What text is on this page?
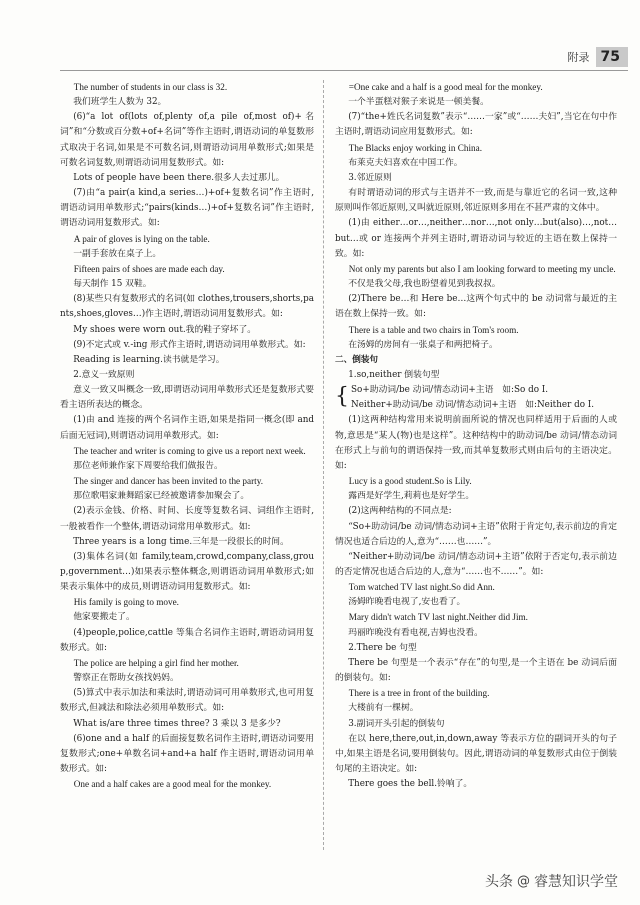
附录 75

The number of students in our class is 32.

我们班学生人数为 32。

(6)“a lot of(lots of,plenty of,a pile of,most of)+名词”和“分数或百分数+of+名词”等作主语时,谓语动词的单复数形式取决于名词,如果是不可数名词,则谓语动词用单数形式;如果是可数名词复数,则谓语动词用复数形式。如:

Lots of people have been there.很多人去过那儿。

(7)由“a pair(a kind,a series…)+of+复数名词”作主语时,谓语动词用单数形式;“pairs(kinds…)+of+复数名词”作主语时,谓语动词用复数形式。如:

A pair of gloves is lying on the table.

一副手套放在桌子上。

Fifteen pairs of shoes are made each day.

每天制作 15 双鞋。

(8)某些只有复数形式的名词(如 clothes,trousers,shorts,pants,shoes,gloves…)作主语时,谓语动词用复数形式。如:

My shoes were worn out.我的鞋子穿坏了。

(9)不定式或 v.-ing 形式作主语时,谓语动词用单数形式。如:

Reading is learning.读书就是学习。

2.意义一致原则

意义一致又叫概念一致,即谓语动词用单数形式还是复数形式要看主语所表达的概念。

(1)由 and 连接的两个名词作主语,如果是指同一概念(即 and 后面无冠词),则谓语动词用单数形式。如:

The teacher and writer is coming to give us a report next week.

那位老师兼作家下周要给我们做报告。

The singer and dancer has been invited to the party.

那位歌唱家兼舞蹈家已经被邀请参加聚会了。

(2)表示金钱、价格、时间、长度等复数名词、词组作主语时,一般被看作一个整体,谓语动词常用单数形式。如:

Three years is a long time.三年是一段很长的时间。

(3)集体名词(如 family,team,crowd,company,class,group,government…)如果表示整体概念,则谓语动词用单数形式;如果表示集体中的成员,则谓语动词用复数形式。如:

His family is going to move.

他家要搬走了。

(4)people,police,cattle 等集合名词作主语时,谓语动词用复数形式。如:

The police are helping a girl find her mother.

警察正在帮助女孩找妈妈。

(5)算式中表示加法和乘法时,谓语动词可用单数形式,也可用复数形式,但减法和除法必须用单数形式。如:

What is/are three times three? 3 乘以 3 是多少?

(6)one and a half 的后面接复数名词作主语时,谓语动词要用复数形式;one+单数名词+and+a half 作主语时,谓语动词用单数形式。如:

One and a half cakes are a good meal for the monkey.

=One cake and a half is a good meal for the monkey.

一个半蛋糕对猴子来说是一顿美餐。

(7)“the+姓氏名词复数”表示“……一家”或“……夫妇”,当它在句中作主语时,谓语动词应用复数形式。如:

The Blacks enjoy working in China.

布莱克夫妇喜欢在中国工作。

3.邻近原则

有时谓语动词的形式与主语并不一致,而是与靠近它的名词一致,这种原则叫作邻近原则,又叫就近原则,邻近原则多用在不甚严肃的文体中。

(1)由 either…or…,neither…nor…,not only…but(also)…,not…but…或 or 连接两个并列主语时,谓语动词与较近的主语在数上保持一致。如:

Not only my parents but also I am looking forward to meeting my uncle.

不仅是我父母,我也盼望着见到我叔叔。

(2)There be…和 Here be…这两个句式中的 be 动词常与最近的主语在数上保持一致。如:

There is a table and two chairs in Tom's room.

在汤姆的房间有一张桌子和两把椅子。

二、倒装句

1.so,neither 倒装句型

{ So+助动词/be 动词/情态动词+主语　如:So do I.

Neither+助动词/be 动词/情态动词+主语　如:Neither do I.

(1)这两种结构常用来说明前面所说的情况也同样适用于后面的人或物,意思是“某人(物)也是这样”。这种结构中的助动词/be 动词/情态动词在形式上与前句的谓语保持一致,而其单复数形式则由后句的主语决定。如:

Lucy is a good student.So is Lily.

露西是好学生,莉莉也是好学生。

(2)这两种结构的不同点是:

“So+助动词/be 动词/情态动词+主语”依附于肯定句,表示前边的肯定情况也适合后边的人,意为“……也……”。

“Neither+助动词/be 动词/情态动词+主语”依附于否定句,表示前边的否定情况也适合后边的人,意为“……也不……”。如:

Tom watched TV last night.So did Ann.

汤姆昨晚看电视了,安也看了。

Mary didn't watch TV last night.Neither did Jim.

玛丽昨晚没有看电视,吉姆也没看。

2.There be 句型

There be 句型是一个表示“存在”的句型,是一个主语在 be 动词后面的倒装句。如:

There is a tree in front of the building.

大楼前有一棵树。

3.副词开头引起的倒装句

在以 here,there,out,in,down,away 等表示方位的副词开头的句子中,如果主语是名词,要用倒装句。因此,谓语动词的单复数形式由位于倒装句尾的主语决定。如:

There goes the bell.铃响了。

头条 @ 睿慧知识学堂
